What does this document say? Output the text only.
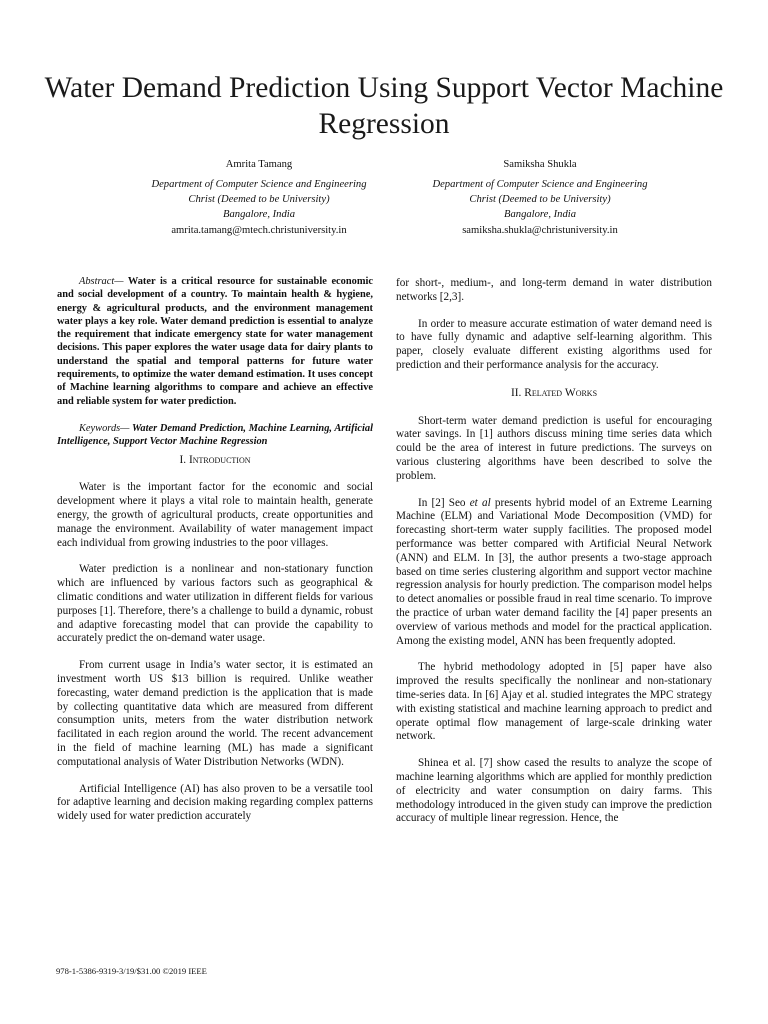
Water Demand Prediction Using Support Vector Machine Regression
Amrita Tamang
Department of Computer Science and Engineering
Christ (Deemed to be University)
Bangalore, India
amrita.tamang@mtech.christuniversity.in
Samiksha Shukla
Department of Computer Science and Engineering
Christ (Deemed to be University)
Bangalore, India
samiksha.shukla@christuniversity.in

Abstract— Water is a critical resource for sustainable economic and social development of a country. To maintain health & hygiene, energy & agricultural products, and the environment management water plays a key role. Water demand prediction is essential to analyze the requirement that indicate emergency state for water management decisions. This paper explores the water usage data for dairy plants to understand the spatial and temporal patterns for future water requirements, to optimize the water demand estimation. It uses concept of Machine learning algorithms to compare and achieve an effective and reliable system for water prediction.

Keywords— Water Demand Prediction, Machine Learning, Artificial Intelligence, Support Vector Machine Regression

I. Introduction

Water is the important factor for the economic and social development where it plays a vital role to maintain health, generate energy, the growth of agricultural products, create opportunities and manage the environment. Availability of water management impact each individual from growing industries to the poor villages.

Water prediction is a nonlinear and non-stationary function which are influenced by various factors such as geographical & climatic conditions and water utilization in different fields for various purposes [1]. Therefore, there’s a challenge to build a dynamic, robust and adaptive forecasting model that can provide the capability to accurately predict the on-demand water usage.

From current usage in India’s water sector, it is estimated an investment worth US $13 billion is required. Unlike weather forecasting, water demand prediction is the application that is made by collecting quantitative data which are measured from different consumption units, meters from the water distribution network facilitated in each region around the world. The recent advancement in the field of machine learning (ML) has made a significant computational analysis of Water Distribution Networks (WDN).

Artificial Intelligence (AI) has also proven to be a versatile tool for adaptive learning and decision making regarding complex patterns widely used for water prediction accurately

for short-, medium-, and long-term demand in water distribution networks [2,3].

In order to measure accurate estimation of water demand need is to have fully dynamic and adaptive self-learning algorithm. This paper, closely evaluate different existing algorithms used for prediction and their performance analysis for the accuracy.

II. Related Works

Short-term water demand prediction is useful for encouraging water savings. In [1] authors discuss mining time series data which could be the area of interest in future predictions. The surveys on various clustering algorithms have been described to solve the problem.

In [2] Seo et al presents hybrid model of an Extreme Learning Machine (ELM) and Variational Mode Decomposition (VMD) for forecasting short-term water supply facilities. The proposed model performance was better compared with Artificial Neural Network (ANN) and ELM. In [3], the author presents a two-stage approach based on time series clustering algorithm and support vector machine regression analysis for hourly prediction. The comparison model helps to detect anomalies or possible fraud in real time scenario. To improve the practice of urban water demand facility the [4] paper presents an overview of various methods and model for the practical application. Among the existing model, ANN has been frequently adopted.

The hybrid methodology adopted in [5] paper have also improved the results specifically the nonlinear and non-stationary time-series data. In [6] Ajay et al. studied integrates the MPC strategy with existing statistical and machine learning approach to predict and operate optimal flow management of large-scale drinking water network.

Shinea et al. [7] show cased the results to analyze the scope of machine learning algorithms which are applied for monthly prediction of electricity and water consumption on dairy farms. This methodology introduced in the given study can improve the prediction accuracy of multiple linear regression. Hence, the

978-1-5386-9319-3/19/$31.00 ©2019 IEEE
